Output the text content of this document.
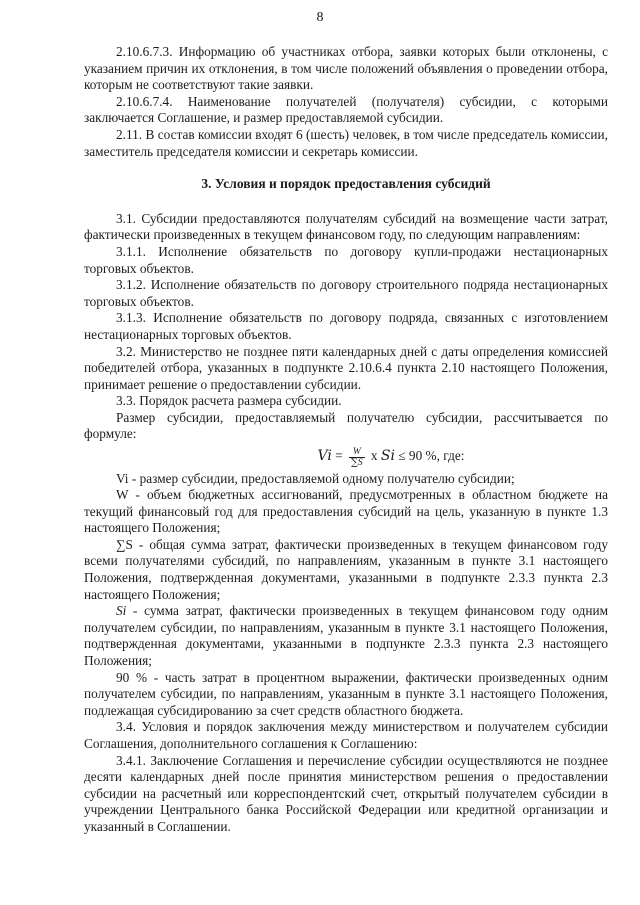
8

2.10.6.7.3. Информацию об участниках отбора, заявки которых были отклонены, с указанием причин их отклонения, в том числе положений объявления о проведении отбора, которым не соответствуют такие заявки.

2.10.6.7.4. Наименование получателей (получателя) субсидии, с которыми заключается Соглашение, и размер предоставляемой субсидии.

2.11. В состав комиссии входят 6 (шесть) человек, в том числе председатель комиссии, заместитель председателя комиссии и секретарь комиссии.

3. Условия и порядок предоставления субсидий

3.1. Субсидии предоставляются получателям субсидий на возмещение части затрат, фактически произведенных в текущем финансовом году, по следующим направлениям:

3.1.1. Исполнение обязательств по договору купли-продажи нестационарных торговых объектов.

3.1.2. Исполнение обязательств по договору строительного подряда нестационарных торговых объектов.

3.1.3. Исполнение обязательств по договору подряда, связанных с изготовлением нестационарных торговых объектов.

3.2. Министерство не позднее пяти календарных дней с даты определения комиссией победителей отбора, указанных в подпункте 2.10.6.4 пункта 2.10 настоящего Положения, принимает решение о предоставлении субсидии.

3.3. Порядок расчета размера субсидии.

Размер субсидии, предоставляемый получателю субсидии, рассчитывается по формуле:

$Vi = \frac{W}{\sum S}$ x Si ≤ 90 %, где:

Vi - размер субсидии, предоставляемой одному получателю субсидии;

W - объем бюджетных ассигнований, предусмотренных в областном бюджете на текущий финансовый год для предоставления субсидий на цель, указанную в пункте 1.3 настоящего Положения;

∑S - общая сумма затрат, фактически произведенных в текущем финансовом году всеми получателями субсидий, по направлениям, указанным в пункте 3.1 настоящего Положения, подтвержденная документами, указанными в подпункте 2.3.3 пункта 2.3 настоящего Положения;

Si - сумма затрат, фактически произведенных в текущем финансовом году одним получателем субсидии, по направлениям, указанным в пункте 3.1 настоящего Положения, подтвержденная документами, указанными в подпункте 2.3.3 пункта 2.3 настоящего Положения;

90 % - часть затрат в процентном выражении, фактически произведенных одним получателем субсидии, по направлениям, указанным в пункте 3.1 настоящего Положения, подлежащая субсидированию за счет средств областного бюджета.

3.4. Условия и порядок заключения между министерством и получателем субсидии Соглашения, дополнительного соглашения к Соглашению:

3.4.1. Заключение Соглашения и перечисление субсидии осуществляются не позднее десяти календарных дней после принятия министерством решения о предоставлении субсидии на расчетный или корреспондентский счет, открытый получателем субсидии в учреждении Центрального банка Российской Федерации или кредитной организации и указанный в Соглашении.
